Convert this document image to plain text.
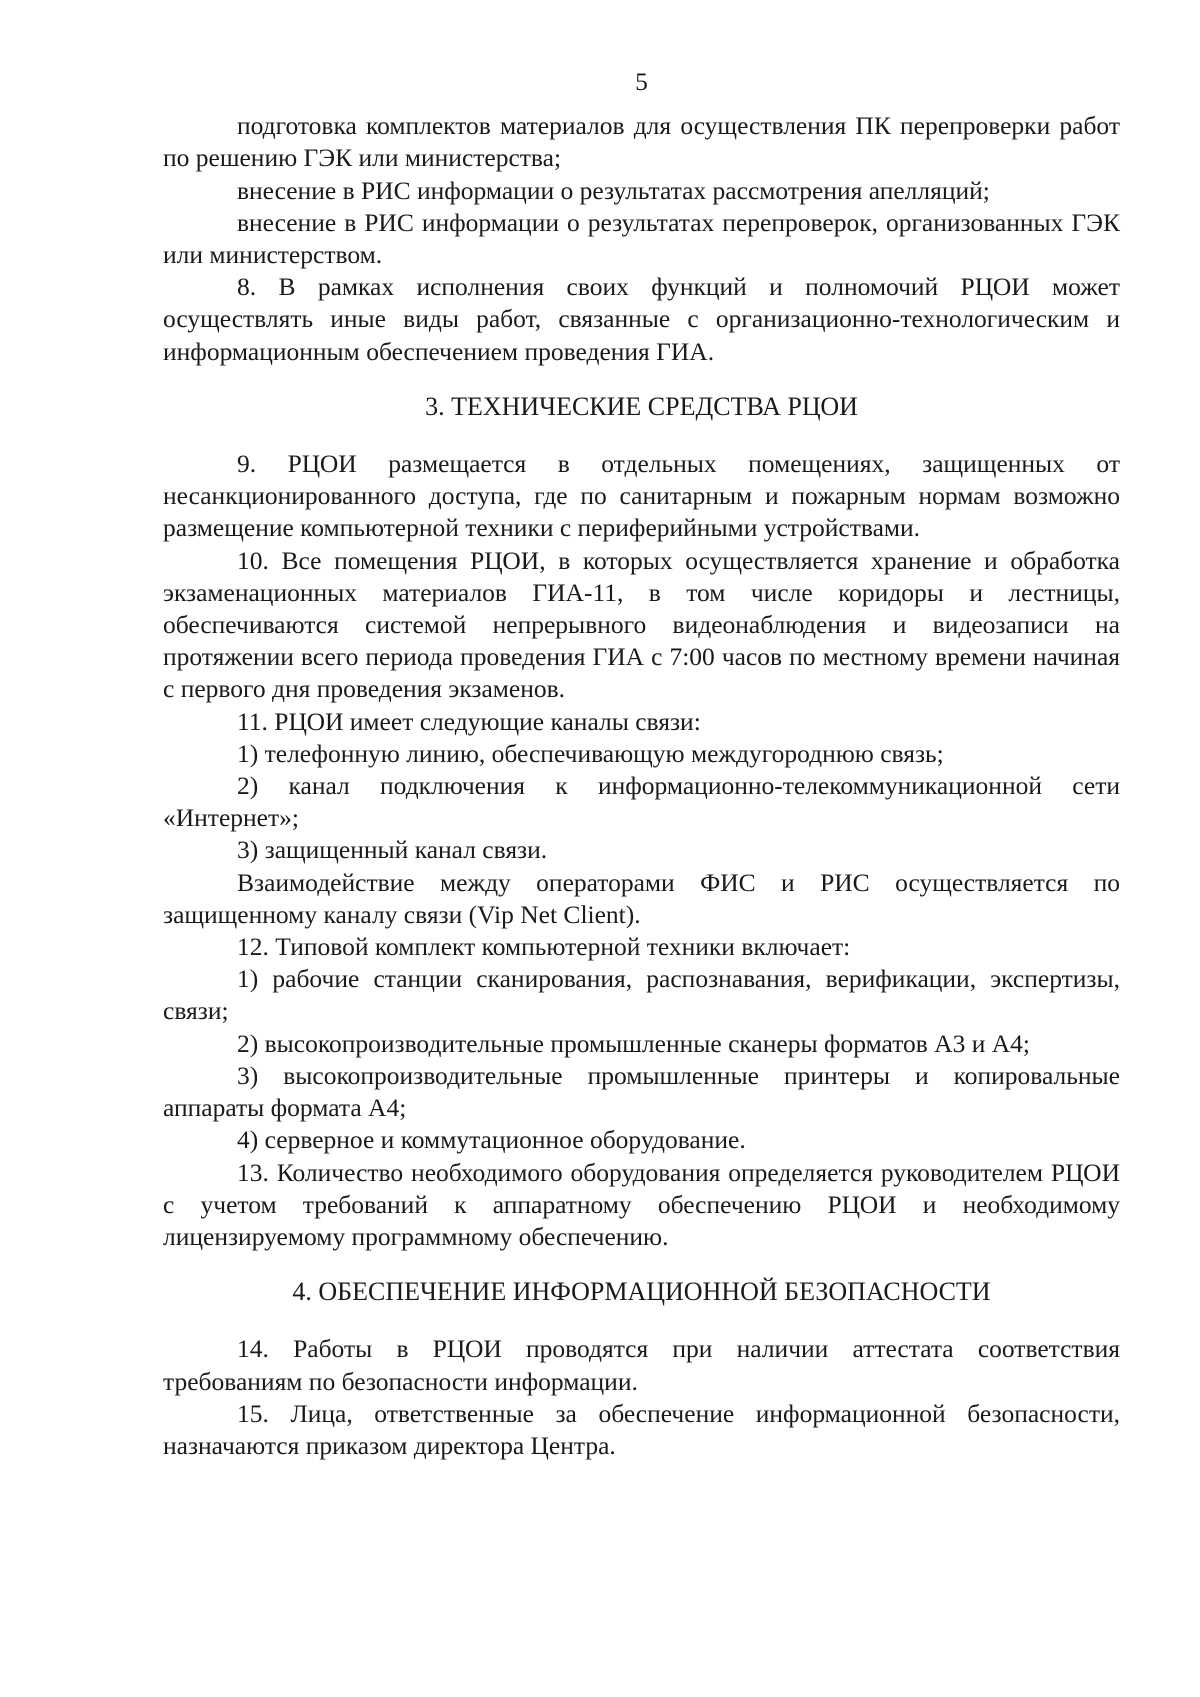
5

подготовка комплектов материалов для осуществления ПК перепроверки работ по решению ГЭК или министерства;

внесение в РИС информации о результатах рассмотрения апелляций;

внесение в РИС информации о результатах перепроверок, организованных ГЭК или министерством.

8. В рамках исполнения своих функций и полномочий РЦОИ может осуществлять иные виды работ, связанные с организационно-технологическим и информационным обеспечением проведения ГИА.

3. ТЕХНИЧЕСКИЕ СРЕДСТВА РЦОИ

9. РЦОИ размещается в отдельных помещениях, защищенных от несанкционированного доступа, где по санитарным и пожарным нормам возможно размещение компьютерной техники с периферийными устройствами.

10. Все помещения РЦОИ, в которых осуществляется хранение и обработка экзаменационных материалов ГИА-11, в том числе коридоры и лестницы, обеспечиваются системой непрерывного видеонаблюдения и видеозаписи на протяжении всего периода проведения ГИА с 7:00 часов по местному времени начиная с первого дня проведения экзаменов.

11. РЦОИ имеет следующие каналы связи:

1) телефонную линию, обеспечивающую междугороднюю связь;

2) канал подключения к информационно-телекоммуникационной сети «Интернет»;

3) защищенный канал связи.

Взаимодействие между операторами ФИС и РИС осуществляется по защищенному каналу связи (Vip Net Client).

12. Типовой комплект компьютерной техники включает:

1) рабочие станции сканирования, распознавания, верификации, экспертизы, связи;

2) высокопроизводительные промышленные сканеры форматов А3 и А4;

3) высокопроизводительные промышленные принтеры и копировальные аппараты формата А4;

4) серверное и коммутационное оборудование.

13. Количество необходимого оборудования определяется руководителем РЦОИ с учетом требований к аппаратному обеспечению РЦОИ и необходимому лицензируемому программному обеспечению.

4. ОБЕСПЕЧЕНИЕ ИНФОРМАЦИОННОЙ БЕЗОПАСНОСТИ

14. Работы в РЦОИ проводятся при наличии аттестата соответствия требованиям по безопасности информации.

15. Лица, ответственные за обеспечение информационной безопасности, назначаются приказом директора Центра.
